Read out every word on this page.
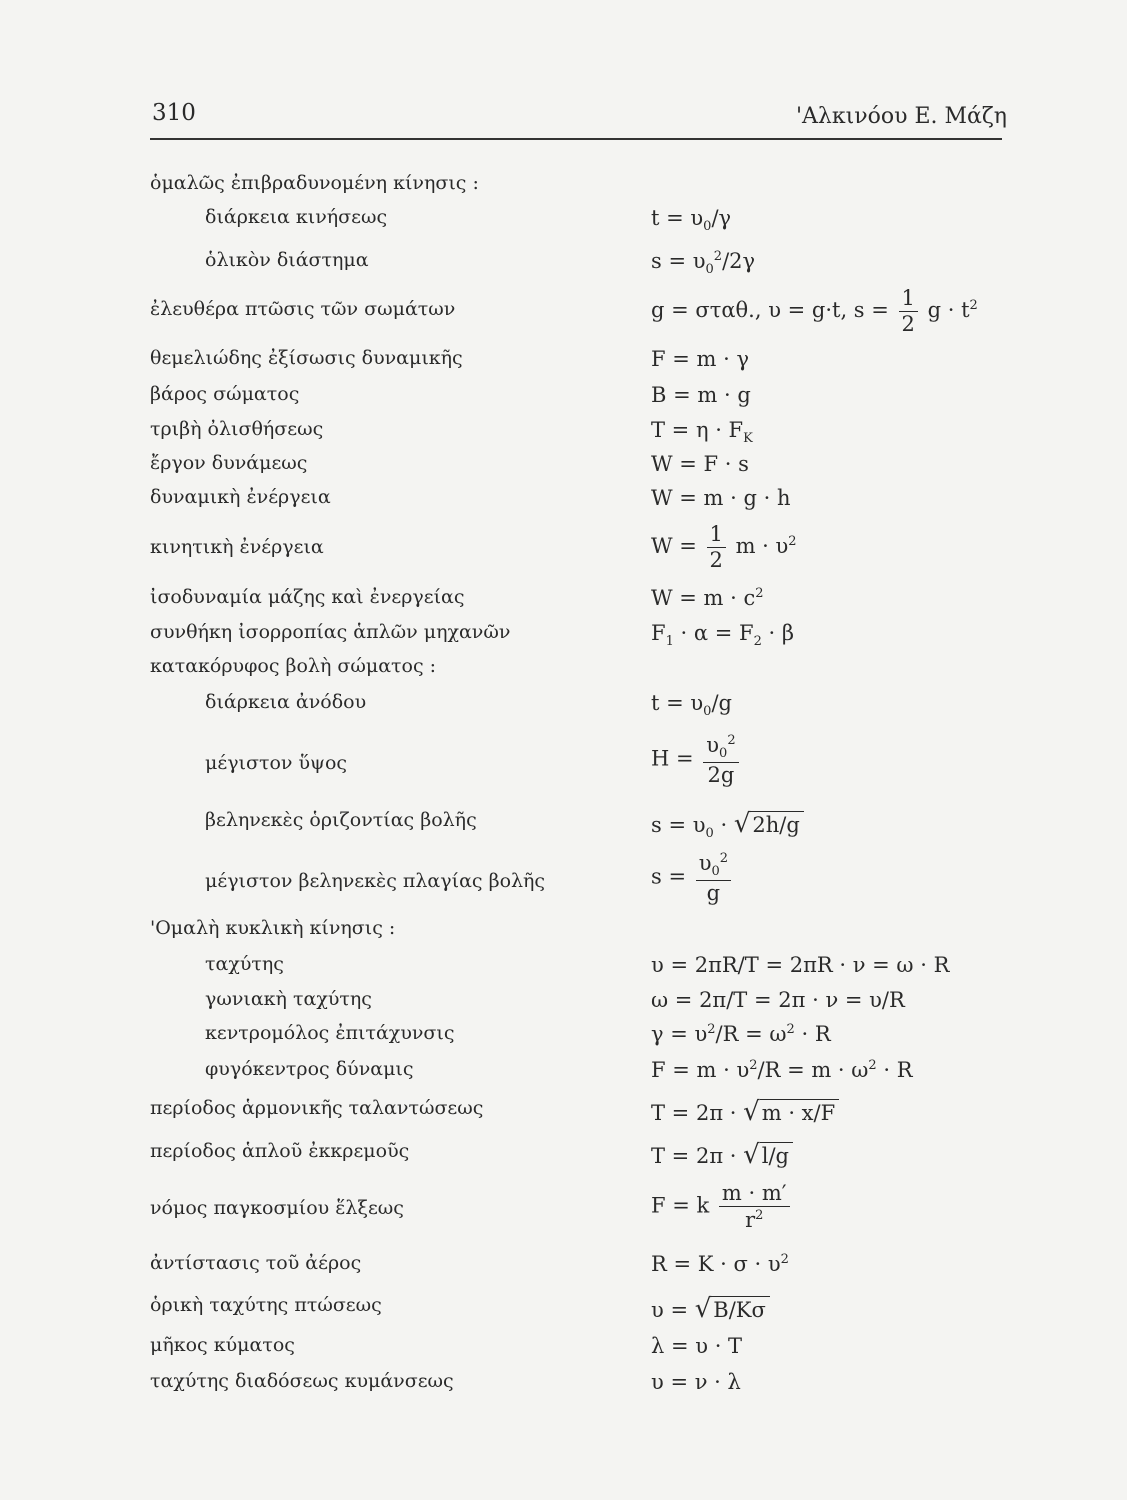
310	'Αλκινόου Ε. Μάζη
ὁμαλῶς ἐπιβραδυνομένη κίνησις :
διάρκεια κινήσεως	$t = \upsilon_0/\gamma$
ὁλικὸν διάστημα	$s = \upsilon_0^2/2\gamma$
ἐλευθέρα πτῶσις τῶν σωμάτων	g = σταθ., υ = g·t, $s = \frac{1}{2}$ $g \cdot t^2$
θεμελιώδης ἐξίσωσις δυναμικῆς	F = m · γ
βάρος σώματος	B = m · g
τριβὴ ὀλισθήσεως	$T = \eta \cdot F_K$
ἔργον δυνάμεως	W = F · s
δυναμικὴ ἐνέργεια	W = m · g · h
κινητικὴ ἐνέργεια	$W = \frac{1}{2}$ $m \cdot \upsilon^2$
ἰσοδυναμία μάζης καὶ ἐνεργείας	$W = m \cdot c^2$
συνθήκη ἰσορροπίας ἁπλῶν μηχανῶν	$F_1 \cdot \alpha = F_2 \cdot \beta$
κατακόρυφος βολὴ σώματος :
διάρκεια ἀνόδου	$t = \upsilon_0/g$
μέγιστον ὕψος	$H = \frac{\upsilon_0^2}{2g}$
βεληνεκὲς ὁριζοντίας βολῆς	$s = \upsilon_0 \cdot √2h/g$
μέγιστον βεληνεκὲς πλαγίας βολῆς	$s = \frac{\upsilon_0^2}{g}$
'Ομαλὴ κυκλικὴ κίνησις :
ταχύτης	υ = 2πR/T = 2πR · ν = ω · R
γωνιακὴ ταχύτης	ω = 2π/T = 2π · ν = υ/R
κεντρομόλος ἐπιτάχυνσις	$\gamma = \upsilon^2/R = \omega^2 \cdot R$
φυγόκεντρος δύναμις	$F = m \cdot \upsilon^2/R = m \cdot \omega^2 \cdot R$
περίοδος ἁρμονικῆς ταλαντώσεως	T = 2π · √m · x/F
περίοδος ἁπλοῦ ἐκκρεμοῦς	T = 2π · √l/g
νόμος παγκοσμίου ἕλξεως	F = k $\frac{m \cdot m'}{r^2}$
ἀντίστασις τοῦ ἀέρος	$R = K \cdot \sigma \cdot \upsilon^2$
ὁρικὴ ταχύτης πτώσεως	υ = √B/Kσ
μῆκος κύματος	λ = υ · T
ταχύτης διαδόσεως κυμάνσεως	υ = ν · λ
